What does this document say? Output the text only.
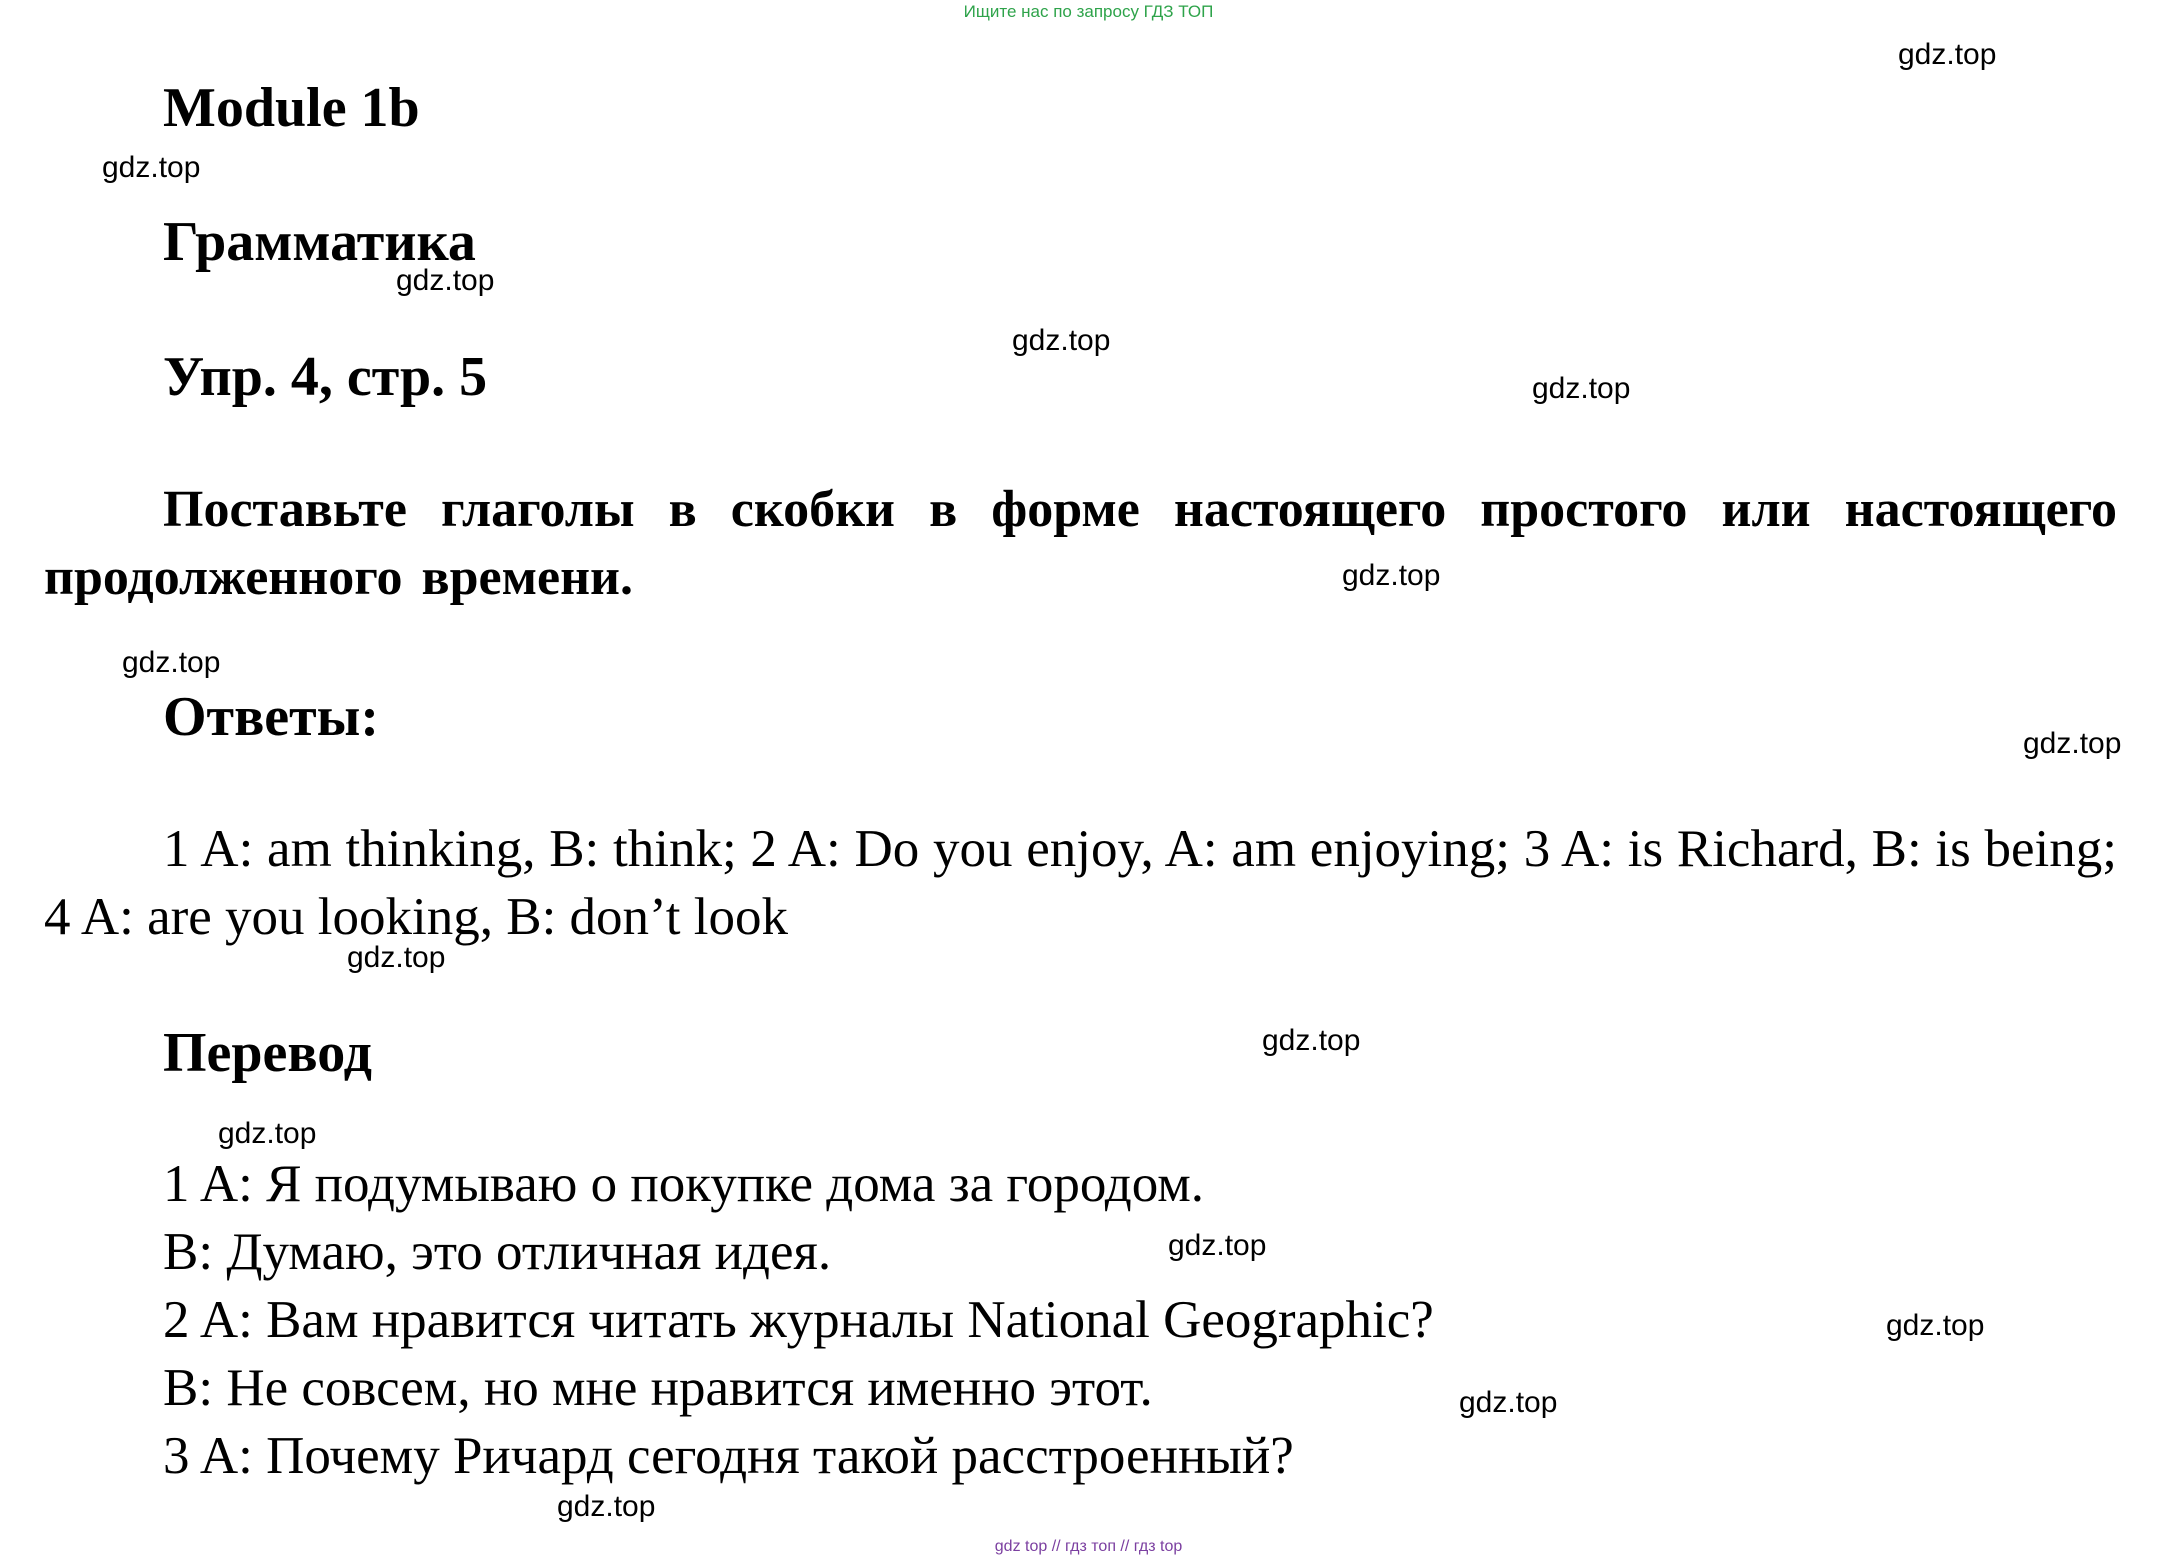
Ищите нас по запросу ГДЗ ТОП
Module 1b
Грамматика
Упр. 4, стр. 5

Поставьте глаголы в скобки в форме настоящего простого или настоящего продолженного времени.

Ответы:

1 A: am thinking, B: think; 2 A: Do you enjoy, A: am enjoying; 3 A: is Richard, B: is being; 4 A: are you looking, B: don’t look

Перевод
1 A: Я подумываю о покупке дома за городом.
B: Думаю, это отличная идея.
2 A: Вам нравится читать журналы National Geographic?
B: Не совсем, но мне нравится именно этот.
3 A: Почему Ричард сегодня такой расстроенный?
gdz.top
gdz.top
gdz.top
gdz.top
gdz.top
gdz.top
gdz.top
gdz.top
gdz.top
gdz.top
gdz.top
gdz.top
gdz.top
gdz.top
gdz.top
gdz top // гдз топ // гдз top
